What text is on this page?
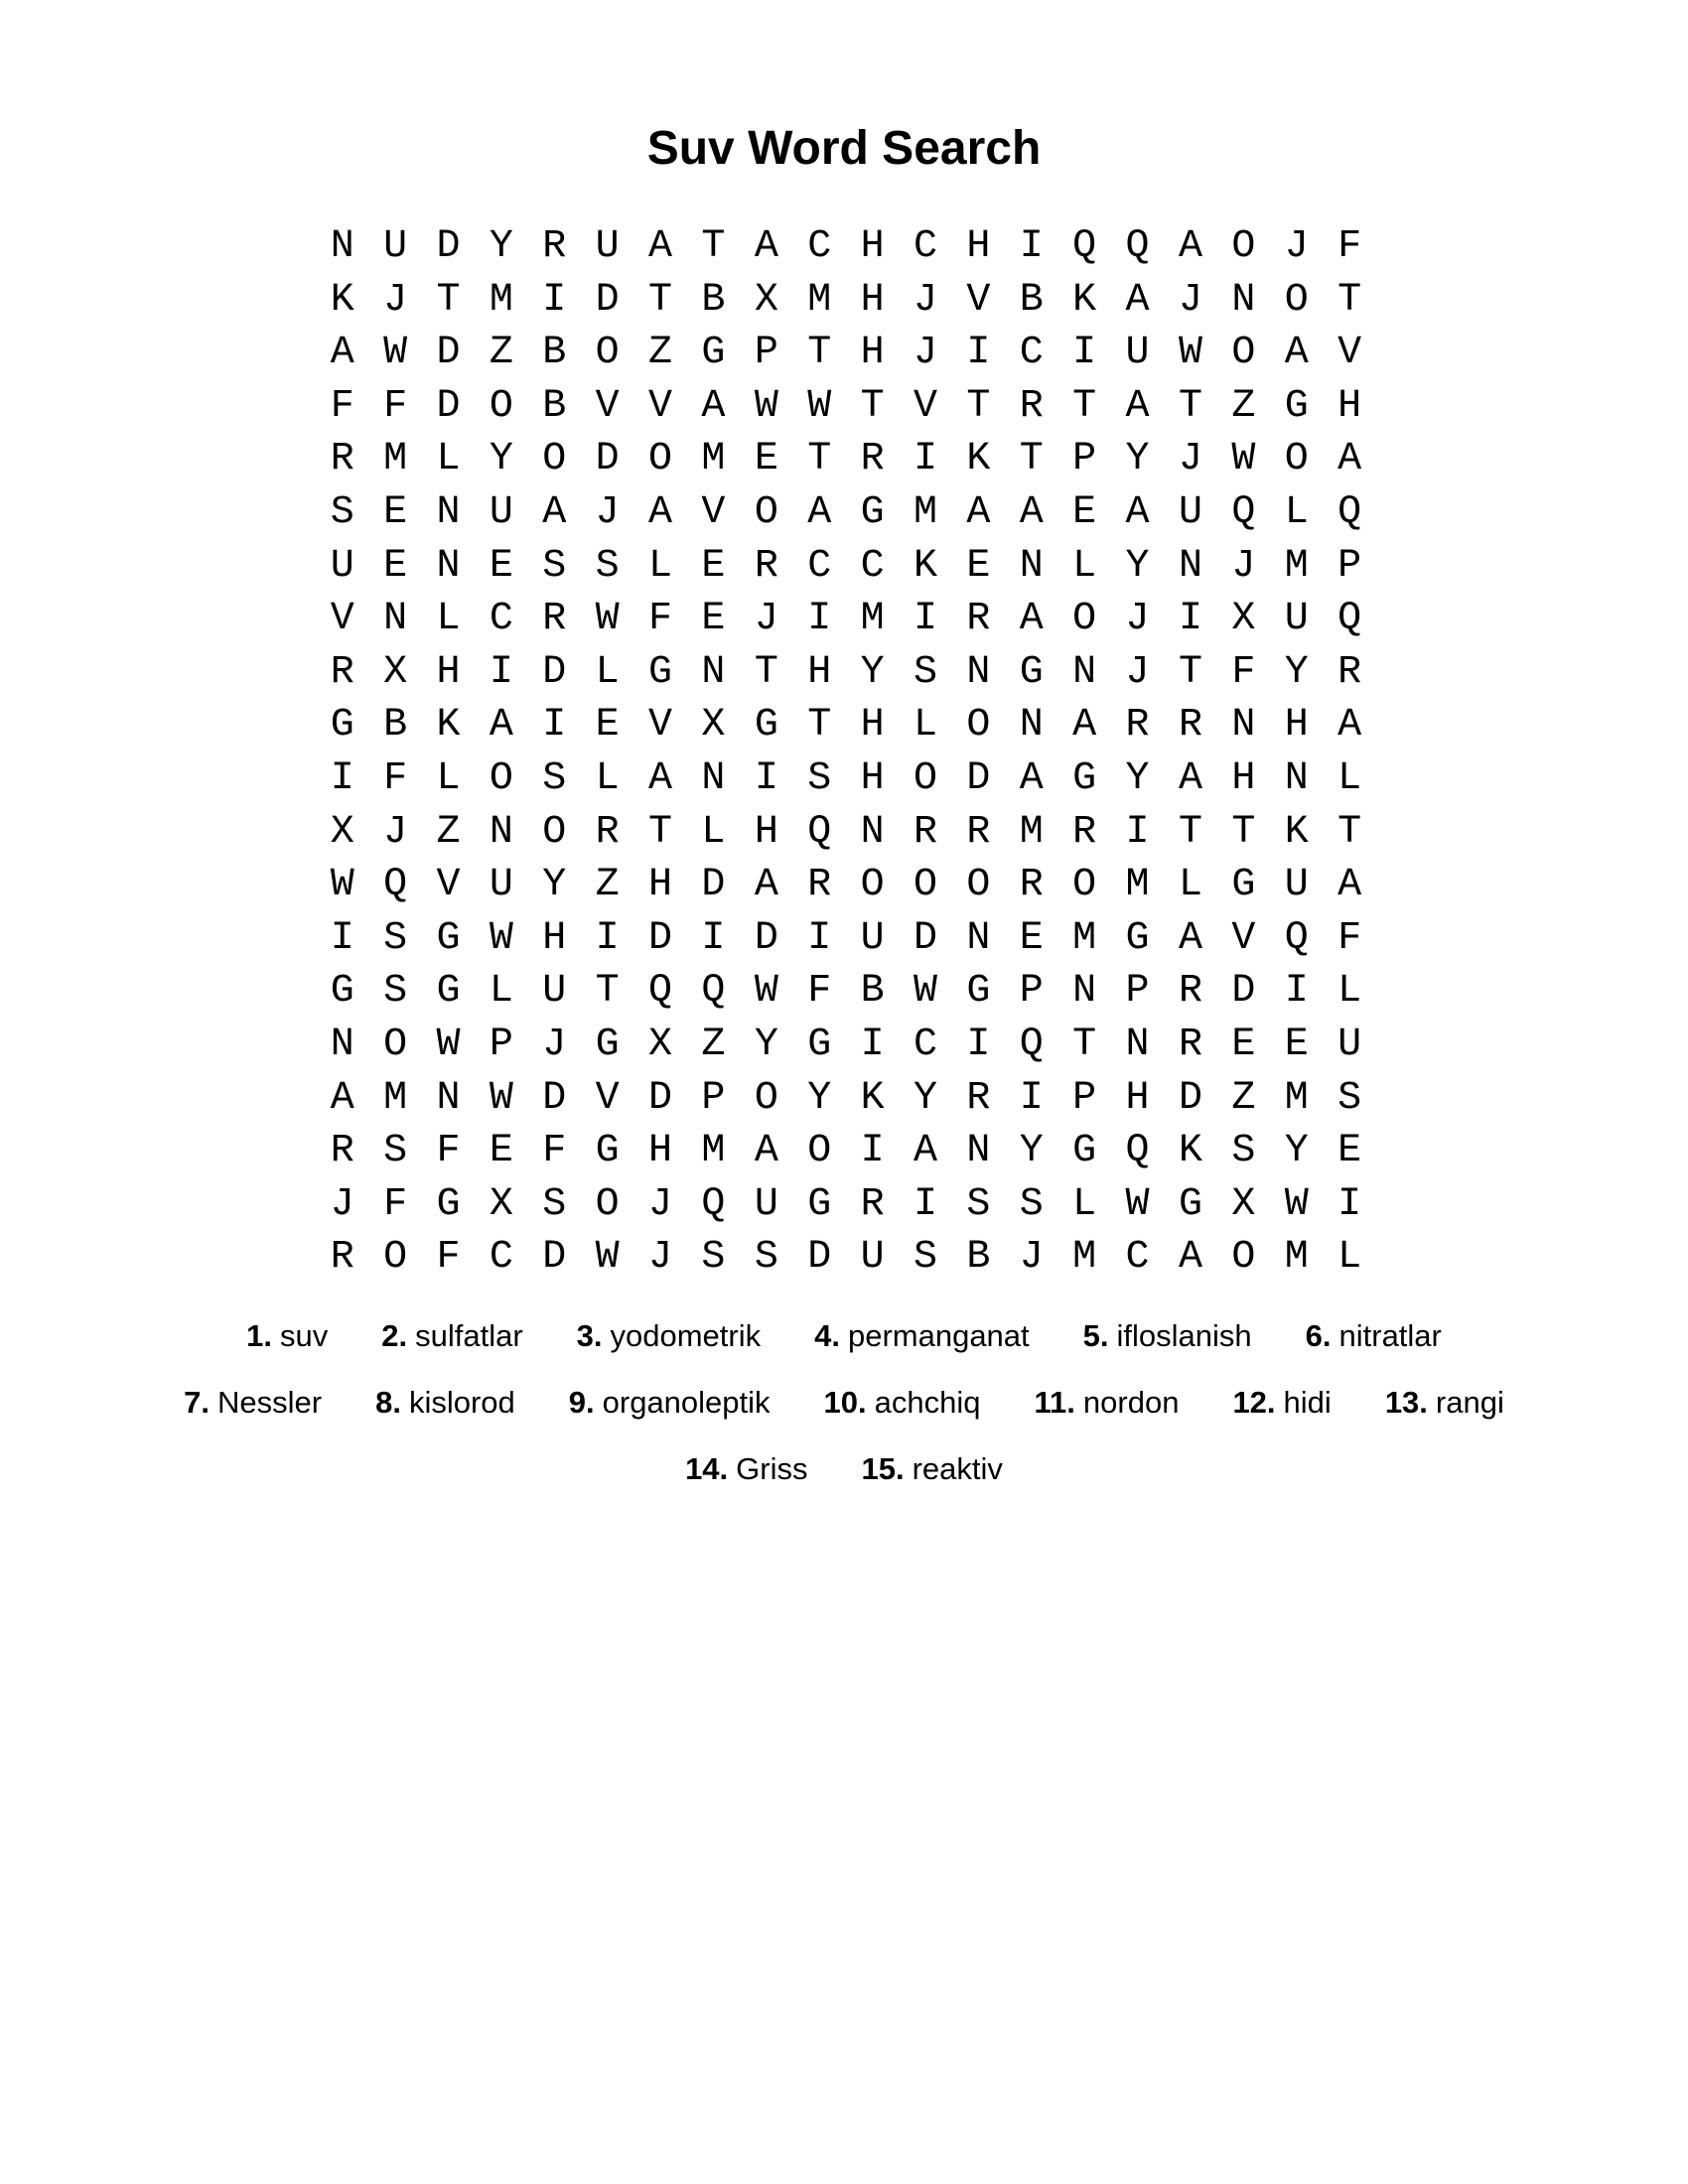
Suv Word Search
N U D Y R U A T A C H C H I Q Q A O J F
K J T M I D T B X M H J V B K A J N O T
A W D Z B O Z G P T H J I C I U W O A V
F F D O B V V A W W T V T R T A T Z G H
R M L Y O D O M E T R I K T P Y J W O A
S E N U A J A V O A G M A A E A U Q L Q
U E N E S S L E R C C K E N L Y N J M P
V N L C R W F E J I M I R A O J I X U Q
R X H I D L G N T H Y S N G N J T F Y R
G B K A I E V X G T H L O N A R R N H A
I F L O S L A N I S H O D A G Y A H N L
X J Z N O R T L H Q N R R M R I T T K T
W Q V U Y Z H D A R O O O R O M L G U A
I S G W H I D I D I U D N E M G A V Q F
G S G L U T Q Q W F B W G P N P R D I L
N O W P J G X Z Y G I C I Q T N R E E U
A M N W D V D P O Y K Y R I P H D Z M S
R S F E F G H M A O I A N Y G Q K S Y E
J F G X S O J Q U G R I S S L W G X W I
R O F C D W J S S D U S B J M C A O M L
1. suv 2. sulfatlar 3. yodometrik 4. permanganat 5. ifloslanish 6. nitratlar
7. Nessler 8. kislorod 9. organoleptik 10. achchiq 11. nordon 12. hidi 13. rangi
14. Griss 15. reaktiv
